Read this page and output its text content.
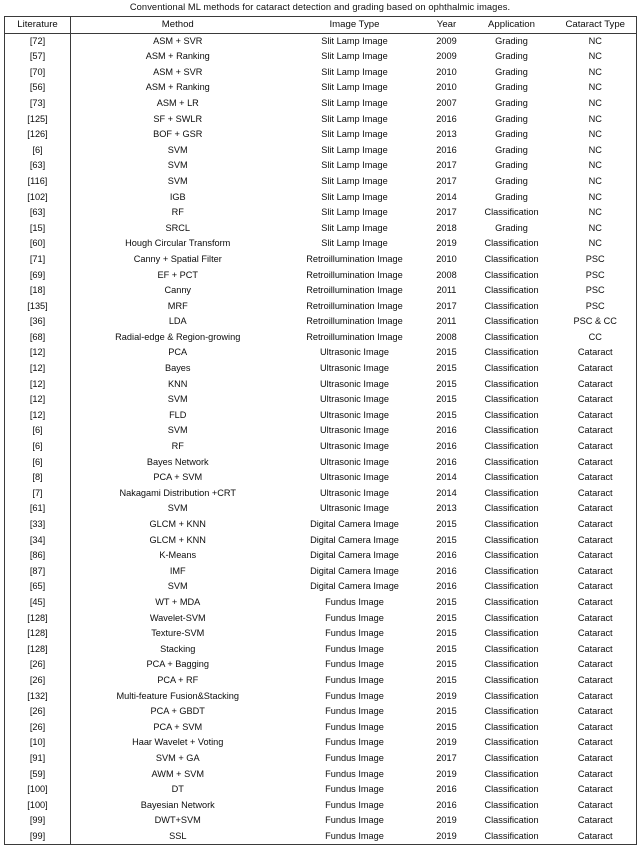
Conventional ML methods for cataract detection and grading based on ophthalmic images.
Literature	Method	Image Type	Year	Application	Cataract Type
[72]	ASM + SVR	Slit Lamp Image	2009	Grading	NC
[57]	ASM + Ranking	Slit Lamp Image	2009	Grading	NC
[70]	ASM + SVR	Slit Lamp Image	2010	Grading	NC
[56]	ASM + Ranking	Slit Lamp Image	2010	Grading	NC
[73]	ASM + LR	Slit Lamp Image	2007	Grading	NC
[125]	SF + SWLR	Slit Lamp Image	2016	Grading	NC
[126]	BOF + GSR	Slit Lamp Image	2013	Grading	NC
[6]	SVM	Slit Lamp Image	2016	Grading	NC
[63]	SVM	Slit Lamp Image	2017	Grading	NC
[116]	SVM	Slit Lamp Image	2017	Grading	NC
[102]	IGB	Slit Lamp Image	2014	Grading	NC
[63]	RF	Slit Lamp Image	2017	Classification	NC
[15]	SRCL	Slit Lamp Image	2018	Grading	NC
[60]	Hough Circular Transform	Slit Lamp Image	2019	Classification	NC
[71]	Canny + Spatial Filter	Retroillumination Image	2010	Classification	PSC
[69]	EF + PCT	Retroillumination Image	2008	Classification	PSC
[18]	Canny	Retroillumination Image	2011	Classification	PSC
[135]	MRF	Retroillumination Image	2017	Classification	PSC
[36]	LDA	Retroillumination Image	2011	Classification	PSC & CC
[68]	Radial-edge & Region-growing	Retroillumination Image	2008	Classification	CC
[12]	PCA	Ultrasonic Image	2015	Classification	Cataract
[12]	Bayes	Ultrasonic Image	2015	Classification	Cataract
[12]	KNN	Ultrasonic Image	2015	Classification	Cataract
[12]	SVM	Ultrasonic Image	2015	Classification	Cataract
[12]	FLD	Ultrasonic Image	2015	Classification	Cataract
[6]	SVM	Ultrasonic Image	2016	Classification	Cataract
[6]	RF	Ultrasonic Image	2016	Classification	Cataract
[6]	Bayes Network	Ultrasonic Image	2016	Classification	Cataract
[8]	PCA + SVM	Ultrasonic Image	2014	Classification	Cataract
[7]	Nakagami Distribution +CRT	Ultrasonic Image	2014	Classification	Cataract
[61]	SVM	Ultrasonic Image	2013	Classification	Cataract
[33]	GLCM + KNN	Digital Camera Image	2015	Classification	Cataract
[34]	GLCM + KNN	Digital Camera Image	2015	Classification	Cataract
[86]	K-Means	Digital Camera Image	2016	Classification	Cataract
[87]	IMF	Digital Camera Image	2016	Classification	Cataract
[65]	SVM	Digital Camera Image	2016	Classification	Cataract
[45]	WT + MDA	Fundus Image	2015	Classification	Cataract
[128]	Wavelet-SVM	Fundus Image	2015	Classification	Cataract
[128]	Texture-SVM	Fundus Image	2015	Classification	Cataract
[128]	Stacking	Fundus Image	2015	Classification	Cataract
[26]	PCA + Bagging	Fundus Image	2015	Classification	Cataract
[26]	PCA + RF	Fundus Image	2015	Classification	Cataract
[132]	Multi-feature Fusion&Stacking	Fundus Image	2019	Classification	Cataract
[26]	PCA + GBDT	Fundus Image	2015	Classification	Cataract
[26]	PCA + SVM	Fundus Image	2015	Classification	Cataract
[10]	Haar Wavelet + Voting	Fundus Image	2019	Classification	Cataract
[91]	SVM + GA	Fundus Image	2017	Classification	Cataract
[59]	AWM + SVM	Fundus Image	2019	Classification	Cataract
[100]	DT	Fundus Image	2016	Classification	Cataract
[100]	Bayesian Network	Fundus Image	2016	Classification	Cataract
[99]	DWT+SVM	Fundus Image	2019	Classification	Cataract
[99]	SSL	Fundus Image	2019	Classification	Cataract
